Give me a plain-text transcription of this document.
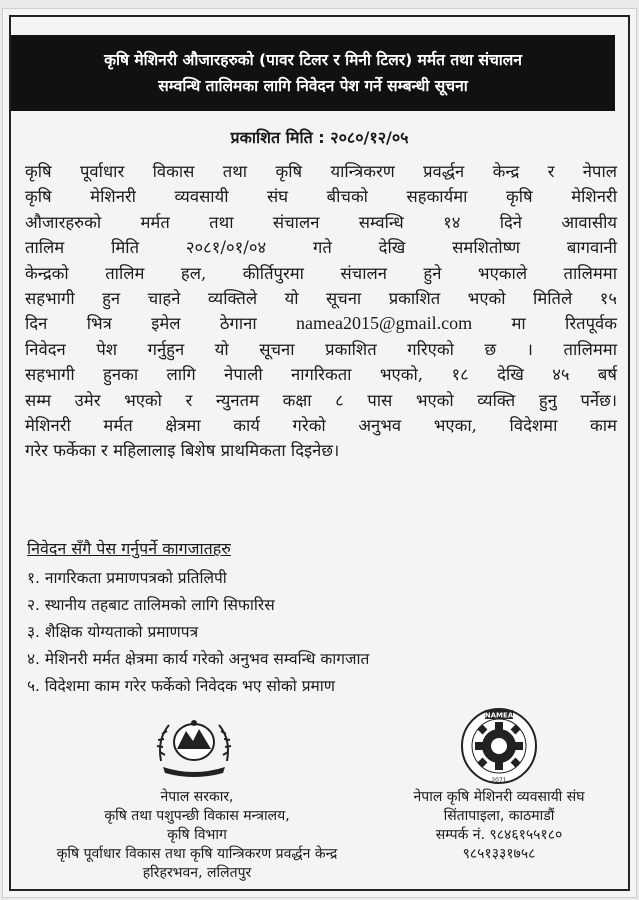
कृषि मेशिनरी औजारहरुको (पावर टिलर र मिनी टिलर) मर्मत तथा संचालन
सम्वन्धि तालिमका लागि निवेदन पेश गर्ने सम्बन्धी सूचना
प्रकाशित मिति : २०८०/१२/०५
कृषि पूर्वाधार विकास तथा कृषि यान्त्रिकरण प्रवर्द्धन केन्द्र र नेपाल
कृषि मेशिनरी व्यवसायी संघ बीचको सहकार्यमा कृषि मेशिनरी
औजारहरुको मर्मत तथा संचालन सम्वन्धि १४ दिने आवासीय
तालिम मिति २०८१/०१/०४ गते देखि समशितोष्ण बागवानी
केन्द्रको तालिम हल, कीर्तिपुरमा संचालन हुने भएकाले तालिममा
सहभागी हुन चाहने व्यक्तिले यो सूचना प्रकाशित भएको मितिले १५
दिन भित्र इमेल ठेगाना namea2015@gmail.com मा रितपूर्वक
निवेदन पेश गर्नुहुन यो सूचना प्रकाशित गरिएको छ । तालिममा
सहभागी हुनका लागि नेपाली नागरिकता भएको, १८ देखि ४५ बर्ष
सम्म उमेर भएको र न्युनतम कक्षा ८ पास भएको व्यक्ति हुनु पर्नेछ।
मेशिनरी मर्मत क्षेत्रमा कार्य गरेको अनुभव भएका, विदेशमा काम
गरेर फर्केका र महिलालाइ बिशेष प्राथमिकता दिइनेछ।
निवेदन सँगै पेस गर्नुपर्ने कागजातहरु
१. नागरिकता प्रमाणपत्रको प्रतिलिपी
२. स्थानीय तहबाट तालिमको लागि सिफारिस
३. शैक्षिक योग्यताको प्रमाणपत्र
४. मेशिनरी मर्मत क्षेत्रमा कार्य गरेको अनुभव सम्वन्धि कागजात
५. विदेशमा काम गरेर फर्केको निवेदक भए सोको प्रमाण
NAMEA
2071
नेपाल सरकार,
कृषि तथा पशुपन्छी विकास मन्त्रालय,
कृषि विभाग
कृषि पूर्वाधार विकास तथा कृषि यान्त्रिकरण प्रवर्द्धन केन्द्र
हरिहरभवन, ललितपुर
नेपाल कृषि मेशिनरी व्यवसायी संघ
सिंतापाइला, काठमाडौं
सम्पर्क नं. ९८४६१५५१८०
९८५१३३१७५८
